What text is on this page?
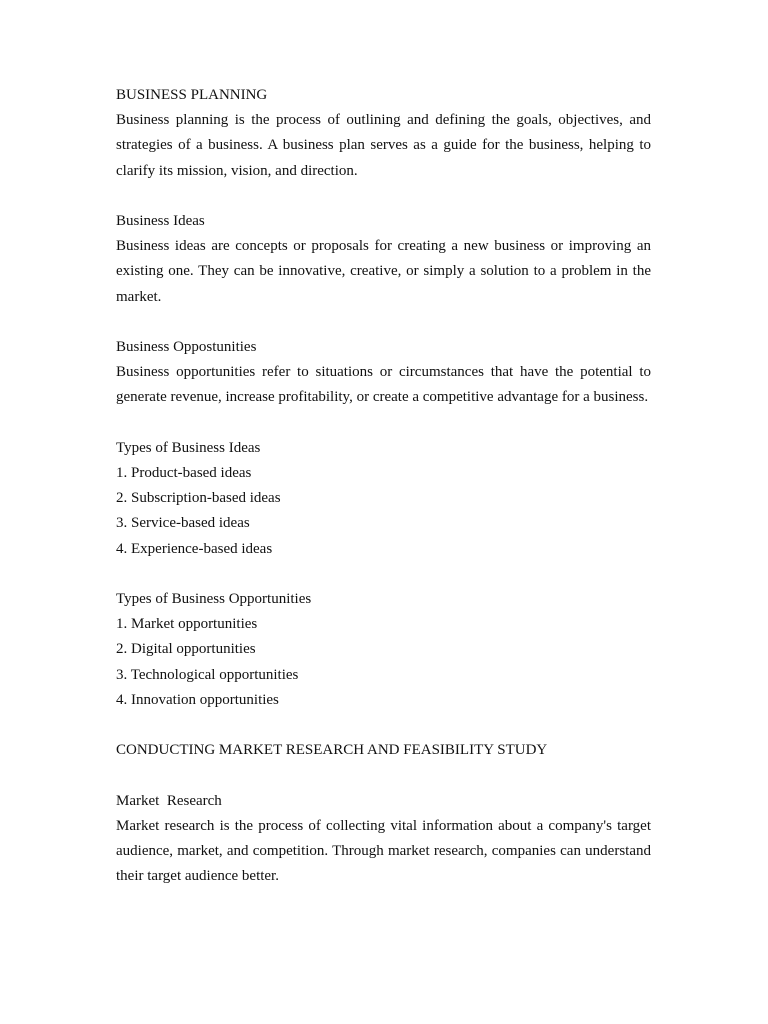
BUSINESS PLANNING

Business planning is the process of outlining and defining the goals, objectives, and strategies of a business. A business plan serves as a guide for the business, helping to clarify its mission, vision, and direction.

Business Ideas

Business ideas are concepts or proposals for creating a new business or improving an existing one. They can be innovative, creative, or simply a solution to a problem in the market.

Business Oppostunities

Business opportunities refer to situations or circumstances that have the potential to generate revenue, increase profitability, or create a competitive advantage for a business.

Types of Business Ideas

1. Product-based ideas
2. Subscription-based ideas
3. Service-based ideas
4. Experience-based ideas

Types of Business Opportunities

1. Market opportunities
2. Digital opportunities
3. Technological opportunities
4. Innovation opportunities

CONDUCTING MARKET RESEARCH AND FEASIBILITY STUDY

Market  Research

Market research is the process of collecting vital information about a company's target audience, market, and competition. Through market research, companies can understand their target audience better.
